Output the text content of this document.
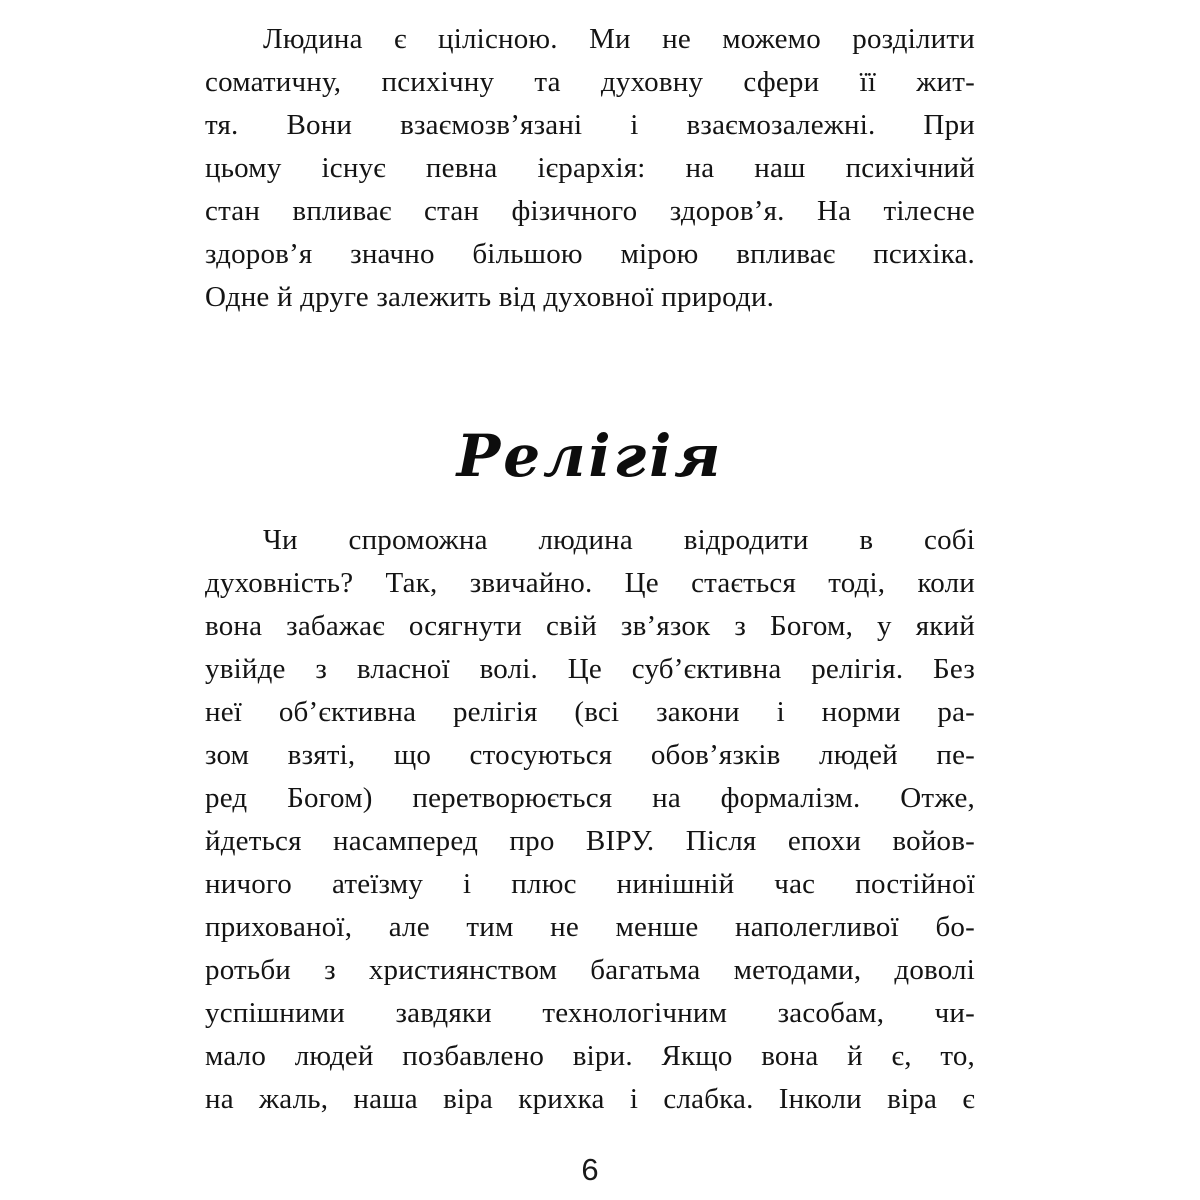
Людина є цілісною. Ми не можемо розділити
соматичну, психічну та духовну сфери її жит-
тя. Вони взаємозв’язані і взаємозалежні. При
цьому існує певна ієрархія: на наш психічний
стан впливає стан фізичного здоров’я. На тілесне
здоров’я значно більшою мірою впливає психіка.
Одне й друге залежить від духовної природи.
Релігія
Чи спроможна людина відродити в собі
духовність? Так, звичайно. Це стається тоді, коли
вона забажає осягнути свій зв’язок з Богом, у який
увійде з власної волі. Це суб’єктивна релігія. Без
неї об’єктивна релігія (всі закони і норми ра-
зом взяті, що стосуються обов’язків людей пе-
ред Богом) перетворюється на формалізм. Отже,
йдеться насамперед про ВІРУ. Після епохи войов-
ничого атеїзму і плюс нинішній час постійної
прихованої, але тим не менше наполегливої бо-
ротьби з християнством багатьма методами, доволі
успішними завдяки технологічним засобам, чи-
мало людей позбавлено віри. Якщо вона й є, то,
на жаль, наша віра крихка і слабка. Інколи віра є
6
